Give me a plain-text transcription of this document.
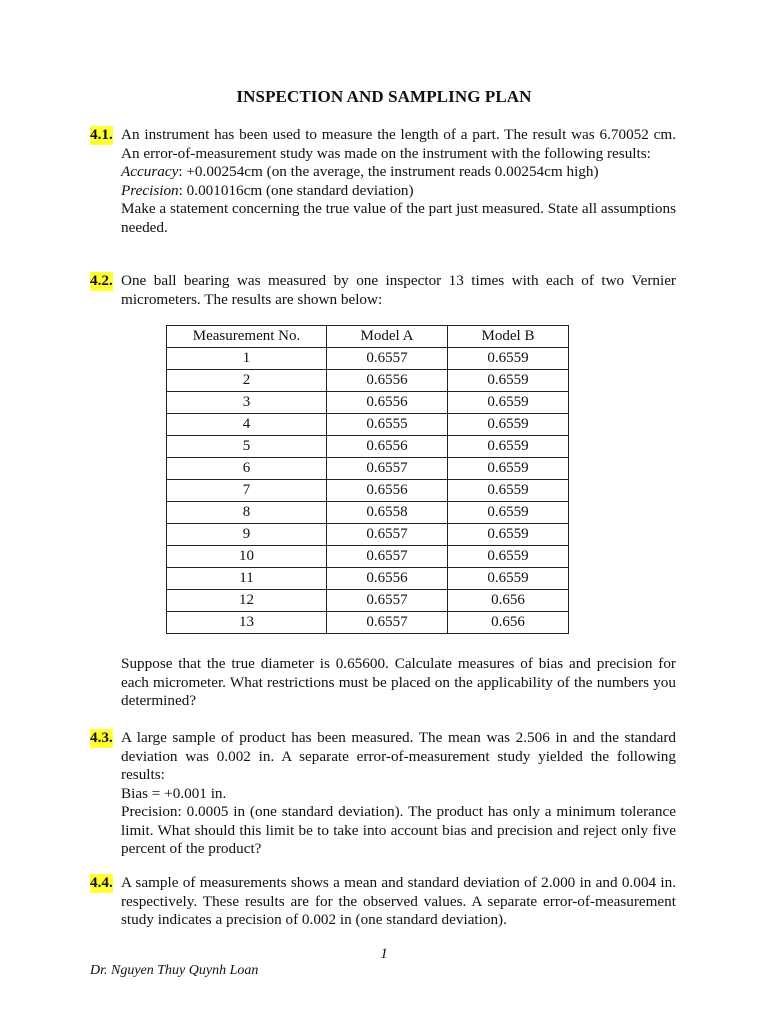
INSPECTION AND SAMPLING PLAN
4.1. An instrument has been used to measure the length of a part. The result was 6.70052 cm. An error-of-measurement study was made on the instrument with the following results:

Accuracy: +0.00254cm (on the average, the instrument reads 0.00254cm high)

Precision: 0.001016cm (one standard deviation)

Make a statement concerning the true value of the part just measured. State all assumptions needed.

4.2. One ball bearing was measured by one inspector 13 times with each of two Vernier micrometers. The results are shown below:

Measurement No.	Model A	Model B
1	0.6557	0.6559
2	0.6556	0.6559
3	0.6556	0.6559
4	0.6555	0.6559
5	0.6556	0.6559
6	0.6557	0.6559
7	0.6556	0.6559
8	0.6558	0.6559
9	0.6557	0.6559
10	0.6557	0.6559
11	0.6556	0.6559
12	0.6557	0.656
13	0.6557	0.656
Suppose that the true diameter is 0.65600. Calculate measures of bias and precision for each micrometer. What restrictions must be placed on the applicability of the numbers you determined?
4.3. A large sample of product has been measured. The mean was 2.506 in and the standard deviation was 0.002 in. A separate error-of-measurement study yielded the following results:

Bias = +0.001 in.

Precision: 0.0005 in (one standard deviation). The product has only a minimum tolerance limit. What should this limit be to take into account bias and precision and reject only five percent of the product?

4.4. A sample of measurements shows a mean and standard deviation of 2.000 in and 0.004 in. respectively. These results are for the observed values. A separate error-of-measurement study indicates a precision of 0.002 in (one standard deviation).

1
Dr. Nguyen Thuy Quynh Loan
